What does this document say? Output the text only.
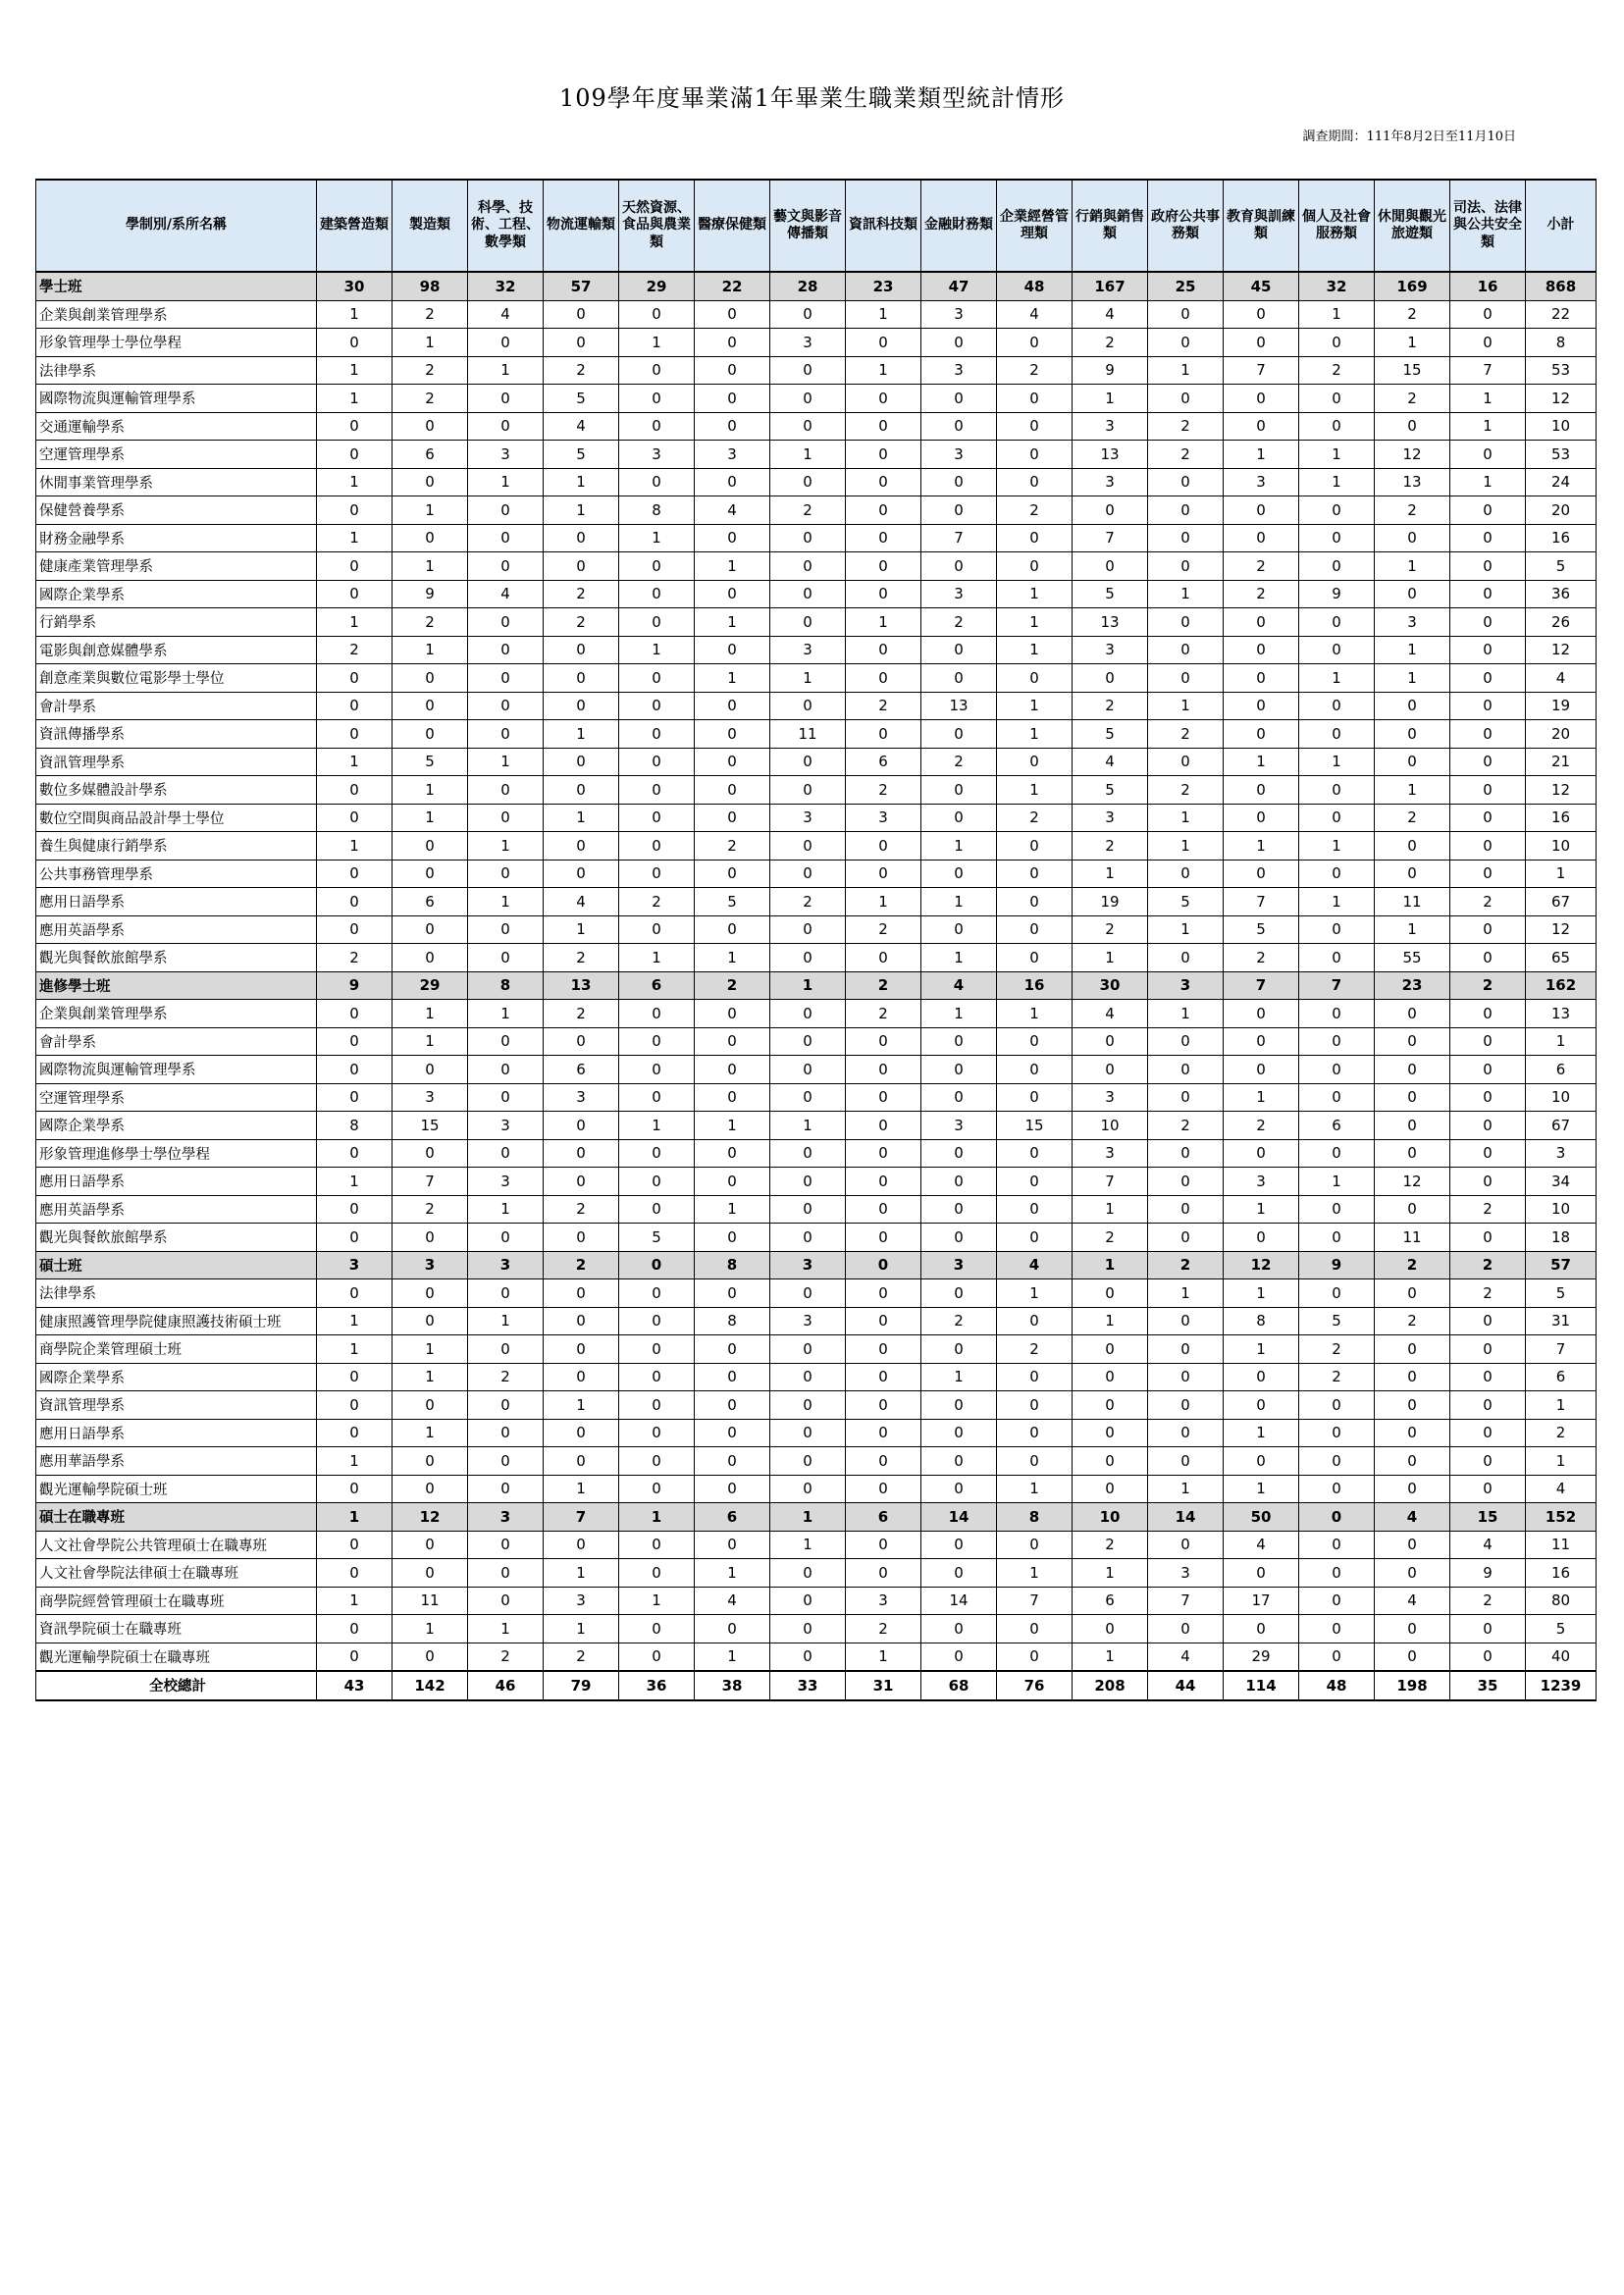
109學年度畢業滿1年畢業生職業類型統計情形
調查期間：111年8月2日至11月10日
學制別/系所名稱	建築營造類	製造類	科學、技術、工程、數學類	物流運輸類	天然資源、食品與農業類	醫療保健類	藝文與影音傳播類	資訊科技類	金融財務類	企業經營管理類	行銷與銷售類	政府公共事務類	教育與訓練類	個人及社會服務類	休閒與觀光旅遊類	司法、法律與公共安全類	小計
學士班	30	98	32	57	29	22	28	23	47	48	167	25	45	32	169	16	868
企業與創業管理學系	1	2	4	0	0	0	0	1	3	4	4	0	0	1	2	0	22
形象管理學士學位學程	0	1	0	0	1	0	3	0	0	0	2	0	0	0	1	0	8
法律學系	1	2	1	2	0	0	0	1	3	2	9	1	7	2	15	7	53
國際物流與運輸管理學系	1	2	0	5	0	0	0	0	0	0	1	0	0	0	2	1	12
交通運輸學系	0	0	0	4	0	0	0	0	0	0	3	2	0	0	0	1	10
空運管理學系	0	6	3	5	3	3	1	0	3	0	13	2	1	1	12	0	53
休閒事業管理學系	1	0	1	1	0	0	0	0	0	0	3	0	3	1	13	1	24
保健營養學系	0	1	0	1	8	4	2	0	0	2	0	0	0	0	2	0	20
財務金融學系	1	0	0	0	1	0	0	0	7	0	7	0	0	0	0	0	16
健康產業管理學系	0	1	0	0	0	1	0	0	0	0	0	0	2	0	1	0	5
國際企業學系	0	9	4	2	0	0	0	0	3	1	5	1	2	9	0	0	36
行銷學系	1	2	0	2	0	1	0	1	2	1	13	0	0	0	3	0	26
電影與創意媒體學系	2	1	0	0	1	0	3	0	0	1	3	0	0	0	1	0	12
創意產業與數位電影學士學位	0	0	0	0	0	1	1	0	0	0	0	0	0	1	1	0	4
會計學系	0	0	0	0	0	0	0	2	13	1	2	1	0	0	0	0	19
資訊傳播學系	0	0	0	1	0	0	11	0	0	1	5	2	0	0	0	0	20
資訊管理學系	1	5	1	0	0	0	0	6	2	0	4	0	1	1	0	0	21
數位多媒體設計學系	0	1	0	0	0	0	0	2	0	1	5	2	0	0	1	0	12
數位空間與商品設計學士學位	0	1	0	1	0	0	3	3	0	2	3	1	0	0	2	0	16
養生與健康行銷學系	1	0	1	0	0	2	0	0	1	0	2	1	1	1	0	0	10
公共事務管理學系	0	0	0	0	0	0	0	0	0	0	1	0	0	0	0	0	1
應用日語學系	0	6	1	4	2	5	2	1	1	0	19	5	7	1	11	2	67
應用英語學系	0	0	0	1	0	0	0	2	0	0	2	1	5	0	1	0	12
觀光與餐飲旅館學系	2	0	0	2	1	1	0	0	1	0	1	0	2	0	55	0	65
進修學士班	9	29	8	13	6	2	1	2	4	16	30	3	7	7	23	2	162
企業與創業管理學系	0	1	1	2	0	0	0	2	1	1	4	1	0	0	0	0	13
會計學系	0	1	0	0	0	0	0	0	0	0	0	0	0	0	0	0	1
國際物流與運輸管理學系	0	0	0	6	0	0	0	0	0	0	0	0	0	0	0	0	6
空運管理學系	0	3	0	3	0	0	0	0	0	0	3	0	1	0	0	0	10
國際企業學系	8	15	3	0	1	1	1	0	3	15	10	2	2	6	0	0	67
形象管理進修學士學位學程	0	0	0	0	0	0	0	0	0	0	3	0	0	0	0	0	3
應用日語學系	1	7	3	0	0	0	0	0	0	0	7	0	3	1	12	0	34
應用英語學系	0	2	1	2	0	1	0	0	0	0	1	0	1	0	0	2	10
觀光與餐飲旅館學系	0	0	0	0	5	0	0	0	0	0	2	0	0	0	11	0	18
碩士班	3	3	3	2	0	8	3	0	3	4	1	2	12	9	2	2	57
法律學系	0	0	0	0	0	0	0	0	0	1	0	1	1	0	0	2	5
健康照護管理學院健康照護技術碩士班	1	0	1	0	0	8	3	0	2	0	1	0	8	5	2	0	31
商學院企業管理碩士班	1	1	0	0	0	0	0	0	0	2	0	0	1	2	0	0	7
國際企業學系	0	1	2	0	0	0	0	0	1	0	0	0	0	2	0	0	6
資訊管理學系	0	0	0	1	0	0	0	0	0	0	0	0	0	0	0	0	1
應用日語學系	0	1	0	0	0	0	0	0	0	0	0	0	1	0	0	0	2
應用華語學系	1	0	0	0	0	0	0	0	0	0	0	0	0	0	0	0	1
觀光運輸學院碩士班	0	0	0	1	0	0	0	0	0	1	0	1	1	0	0	0	4
碩士在職專班	1	12	3	7	1	6	1	6	14	8	10	14	50	0	4	15	152
人文社會學院公共管理碩士在職專班	0	0	0	0	0	0	1	0	0	0	2	0	4	0	0	4	11
人文社會學院法律碩士在職專班	0	0	0	1	0	1	0	0	0	1	1	3	0	0	0	9	16
商學院經營管理碩士在職專班	1	11	0	3	1	4	0	3	14	7	6	7	17	0	4	2	80
資訊學院碩士在職專班	0	1	1	1	0	0	0	2	0	0	0	0	0	0	0	0	5
觀光運輸學院碩士在職專班	0	0	2	2	0	1	0	1	0	0	1	4	29	0	0	0	40
全校總計	43	142	46	79	36	38	33	31	68	76	208	44	114	48	198	35	1239
